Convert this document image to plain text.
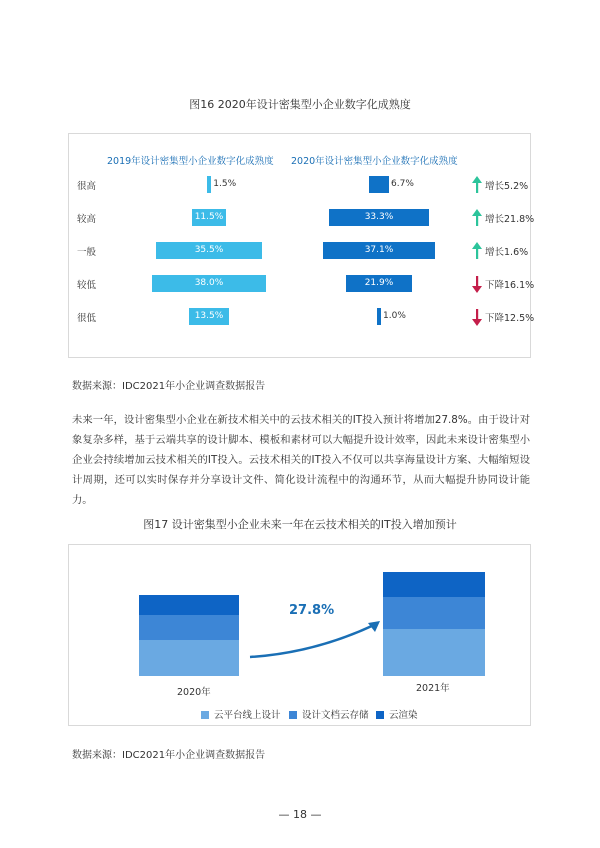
图16 2020年设计密集型小企业数字化成熟度
2019年设计密集型小企业数字化成熟度 2020年设计密集型小企业数字化成熟度
很高	1.5%	6.7%	增长5.2%
较高	11.5%	33.3%	增长21.8%
一般	35.5%	37.1%	增长1.6%
较低	38.0%	21.9%	下降16.1%
很低	13.5%	1.0%	下降12.5%
数据来源：IDC2021年小企业调查数据报告
未来一年，设计密集型小企业在新技术相关中的云技术相关的IT投入预计将增加27.8%。由于设计对象复杂多样，基于云端共享的设计脚本、模板和素材可以大幅提升设计效率，因此未来设计密集型小企业会持续增加云技术相关的IT投入。云技术相关的IT投入不仅可以共享海量设计方案、大幅缩短设计周期，还可以实时保存并分享设计文件、简化设计流程中的沟通环节，从而大幅提升协同设计能力。
图17 设计密集型小企业未来一年在云技术相关的IT投入增加预计
27.8%
2020年	2021年
云平台线上设计	设计文档云存储	云渲染
数据来源：IDC2021年小企业调查数据报告
— 18 —
